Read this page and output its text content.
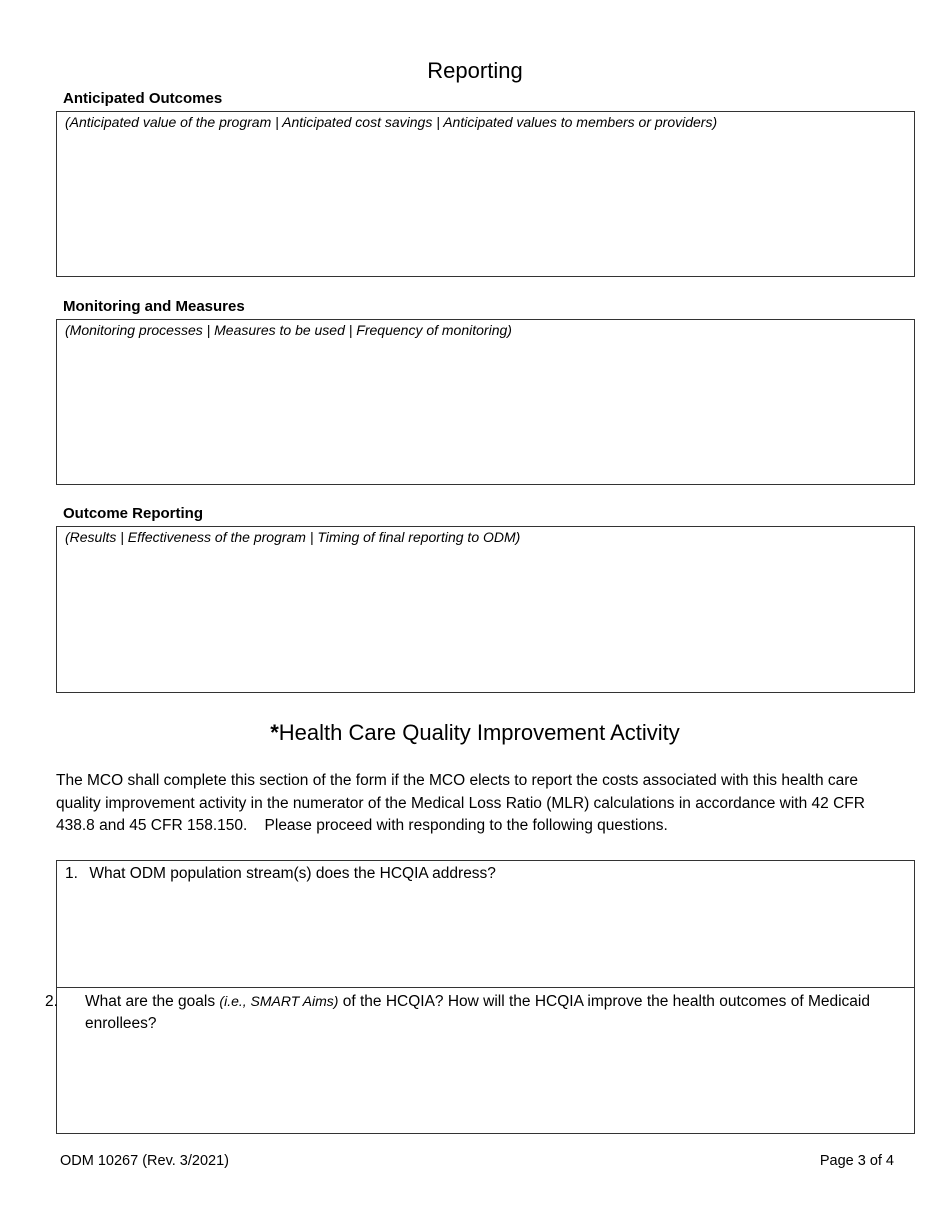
Reporting
Anticipated Outcomes
(Anticipated value of the program | Anticipated cost savings | Anticipated values to members or providers)
Monitoring and Measures
(Monitoring processes | Measures to be used | Frequency of monitoring)
Outcome Reporting
(Results | Effectiveness of the program | Timing of final reporting to ODM)
*Health Care Quality Improvement Activity
The MCO shall complete this section of the form if the MCO elects to report the costs associated with this health care quality improvement activity in the numerator of the Medical Loss Ratio (MLR) calculations in accordance with 42 CFR 438.8 and 45 CFR 158.150.    Please proceed with responding to the following questions.
1. What ODM population stream(s) does the HCQIA address?
2. What are the goals (i.e., SMART Aims) of the HCQIA? How will the HCQIA improve the health outcomes of Medicaid enrollees?
ODM 10267 (Rev. 3/2021)	Page 3 of 4
